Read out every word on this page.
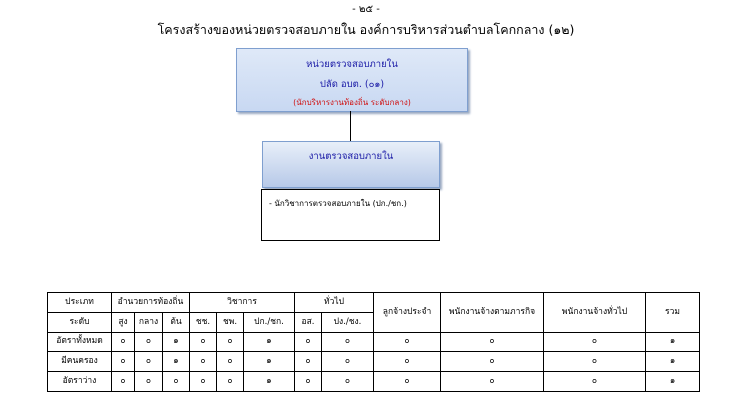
- ๒๕ -
โครงสร้างของหน่วยตรวจสอบภายใน องค์การบริหารส่วนตำบลโคกกลาง (๑๒)
หน่วยตรวจสอบภายใน
ปลัด อบต. (๐๑)
(นักบริหารงานท้องถิ่น ระดับกลาง)
งานตรวจสอบภายใน
- นักวิชาการตรวจสอบภายใน (ปก./ชก.)
ประเภท	อำนวยการท้องถิ่น			วิชาการ			ทั่วไป		ลูกจ้างประจำ	พนักงานจ้างตามภารกิจ	พนักงานจ้างทั่วไป	รวม
ระดับ	สูง	กลาง	ต้น	ชช.	ชพ.	ปก./ชก.	อส.	ปง./ชง.				
อัตราทั้งหมด	๐	๐	๑	๐	๐	๑	๐	๐	๐	๐	๐	๑
มีคนครอง	๐	๐	๑	๐	๐	๑	๐	๐	๐	๐	๐	๑
อัตราว่าง	๐	๐	๐	๐	๐	๑	๐	๐	๐	๐	๐	๑
